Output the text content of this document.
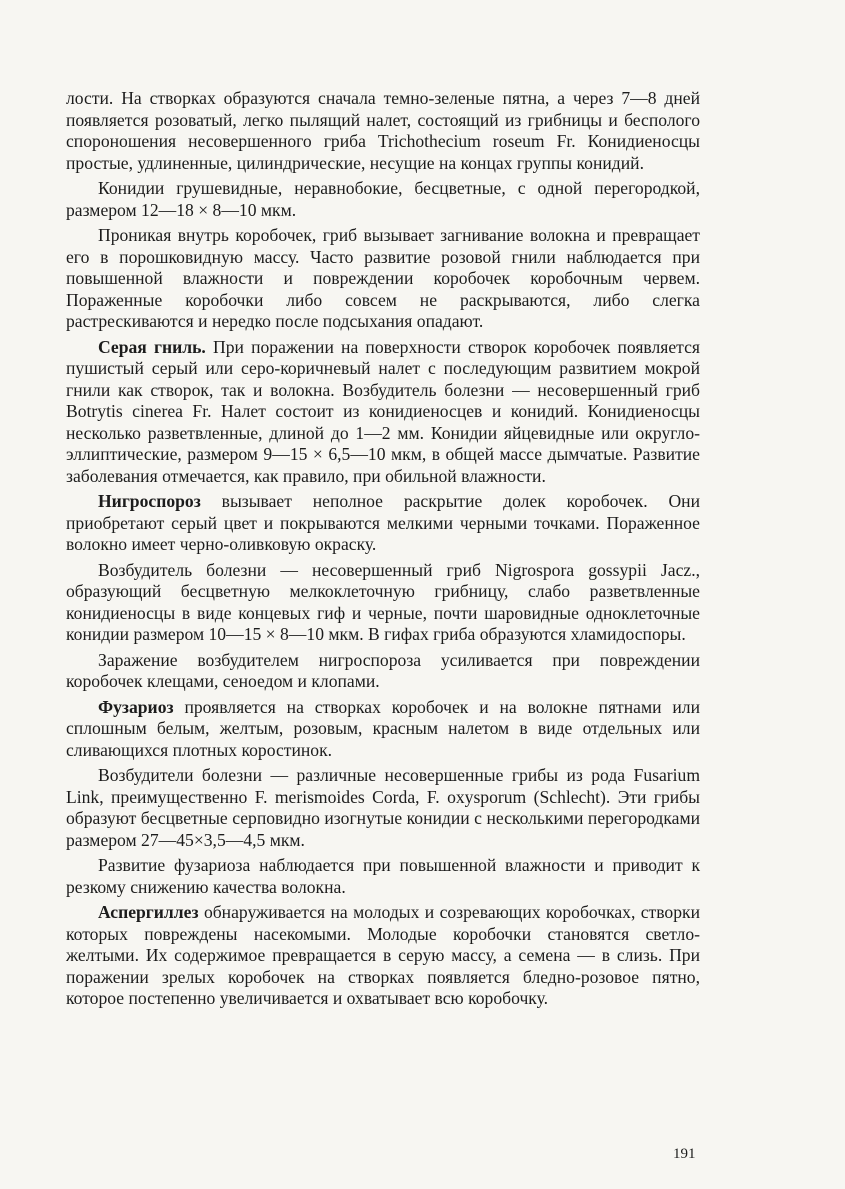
лости. На створках образуются сначала темно-зеленые пятна, а через 7—8 дней появляется розоватый, легко пылящий налет, состоящий из грибницы и бесполого спороношения несовершенного гриба Trichothecium roseum Fr. Конидиеносцы простые, удлиненные, цилиндрические, несущие на концах группы конидий.

Конидии грушевидные, неравнобокие, бесцветные, с одной перегородкой, размером 12—18 × 8—10 мкм.

Проникая внутрь коробочек, гриб вызывает загнивание волокна и превращает его в порошковидную массу. Часто развитие розовой гнили наблюдается при повышенной влажности и повреждении коробочек коробочным червем. Пораженные коробочки либо совсем не раскрываются, либо слегка растрескиваются и нередко после подсыхания опадают.

Серая гниль. При поражении на поверхности створок коробочек появляется пушистый серый или серо-коричневый налет с последующим развитием мокрой гнили как створок, так и волокна. Возбудитель болезни — несовершенный гриб Botrytis cinerea Fr. Налет состоит из конидиеносцев и конидий. Конидиеносцы несколько разветвленные, длиной до 1—2 мм. Конидии яйцевидные или округло-эллиптические, размером 9—15 × 6,5—10 мкм, в общей массе дымчатые. Развитие заболевания отмечается, как правило, при обильной влажности.

Нигроспороз вызывает неполное раскрытие долек коробочек. Они приобретают серый цвет и покрываются мелкими черными точками. Пораженное волокно имеет черно-оливковую окраску.

Возбудитель болезни — несовершенный гриб Nigrospora gossypii Jacz., образующий бесцветную мелкоклеточную грибницу, слабо разветвленные конидиеносцы в виде концевых гиф и черные, почти шаровидные одноклеточные конидии размером 10—15 × 8—10 мкм. В гифах гриба образуются хламидоспоры.

Заражение возбудителем нигроспороза усиливается при повреждении коробочек клещами, сеноедом и клопами.

Фузариоз проявляется на створках коробочек и на волокне пятнами или сплошным белым, желтым, розовым, красным налетом в виде отдельных или сливающихся плотных коростинок.

Возбудители болезни — различные несовершенные грибы из рода Fusarium Link, преимущественно F. merismoides Corda, F. oxysporum (Schlecht). Эти грибы образуют бесцветные серповидно изогнутые конидии с несколькими перегородками размером 27—45×3,5—4,5 мкм.

Развитие фузариоза наблюдается при повышенной влажности и приводит к резкому снижению качества волокна.

Аспергиллез обнаруживается на молодых и созревающих коробочках, створки которых повреждены насекомыми. Молодые коробочки становятся светло-желтыми. Их содержимое превращается в серую массу, а семена — в слизь. При поражении зрелых коробочек на створках появляется бледно-розовое пятно, которое постепенно увеличивается и охватывает всю коробочку.

191
